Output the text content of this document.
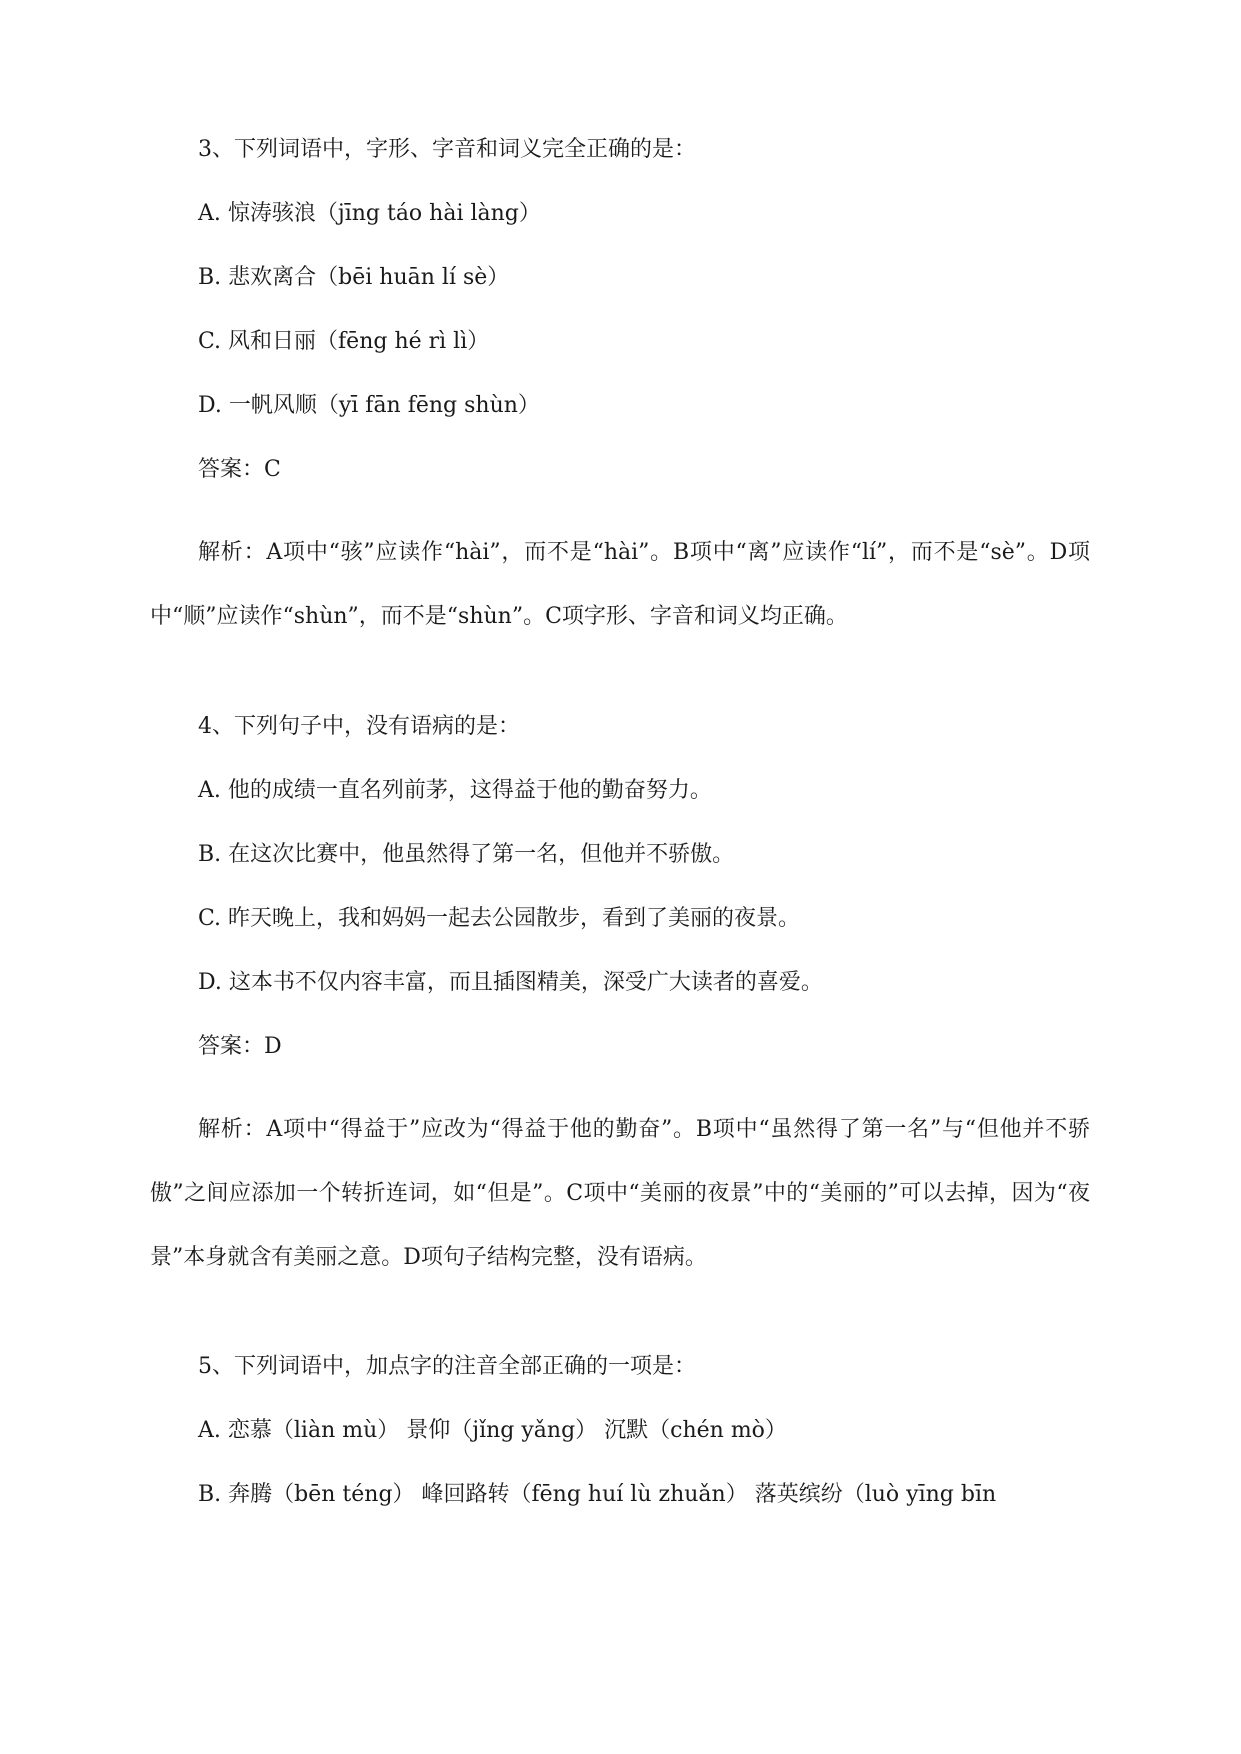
3、下列词语中，字形、字音和词义完全正确的是：

A. 惊涛骇浪（jīng táo hài làng）

B. 悲欢离合（bēi huān lí sè）

C. 风和日丽（fēng hé rì lì）

D. 一帆风顺（yī fān fēng shùn）

答案：C

解析：A项中“骇”应读作“hài”，而不是“hài”。B项中“离”应读作“lí”，而不是“sè”。D项中“顺”应读作“shùn”，而不是“shùn”。C项字形、字音和词义均正确。

4、下列句子中，没有语病的是：

A. 他的成绩一直名列前茅，这得益于他的勤奋努力。

B. 在这次比赛中，他虽然得了第一名，但他并不骄傲。

C. 昨天晚上，我和妈妈一起去公园散步，看到了美丽的夜景。

D. 这本书不仅内容丰富，而且插图精美，深受广大读者的喜爱。

答案：D

解析：A项中“得益于”应改为“得益于他的勤奋”。B项中“虽然得了第一名”与“但他并不骄傲”之间应添加一个转折连词，如“但是”。C项中“美丽的夜景”中的“美丽的”可以去掉，因为“夜景”本身就含有美丽之意。D项句子结构完整，没有语病。

5、下列词语中，加点字的注音全部正确的一项是：

A. 恋慕（liàn mù） 景仰（jǐng yǎng） 沉默（chén mò）

B. 奔腾（bēn téng） 峰回路转（fēng huí lù zhuǎn） 落英缤纷（luò yīng bīn
